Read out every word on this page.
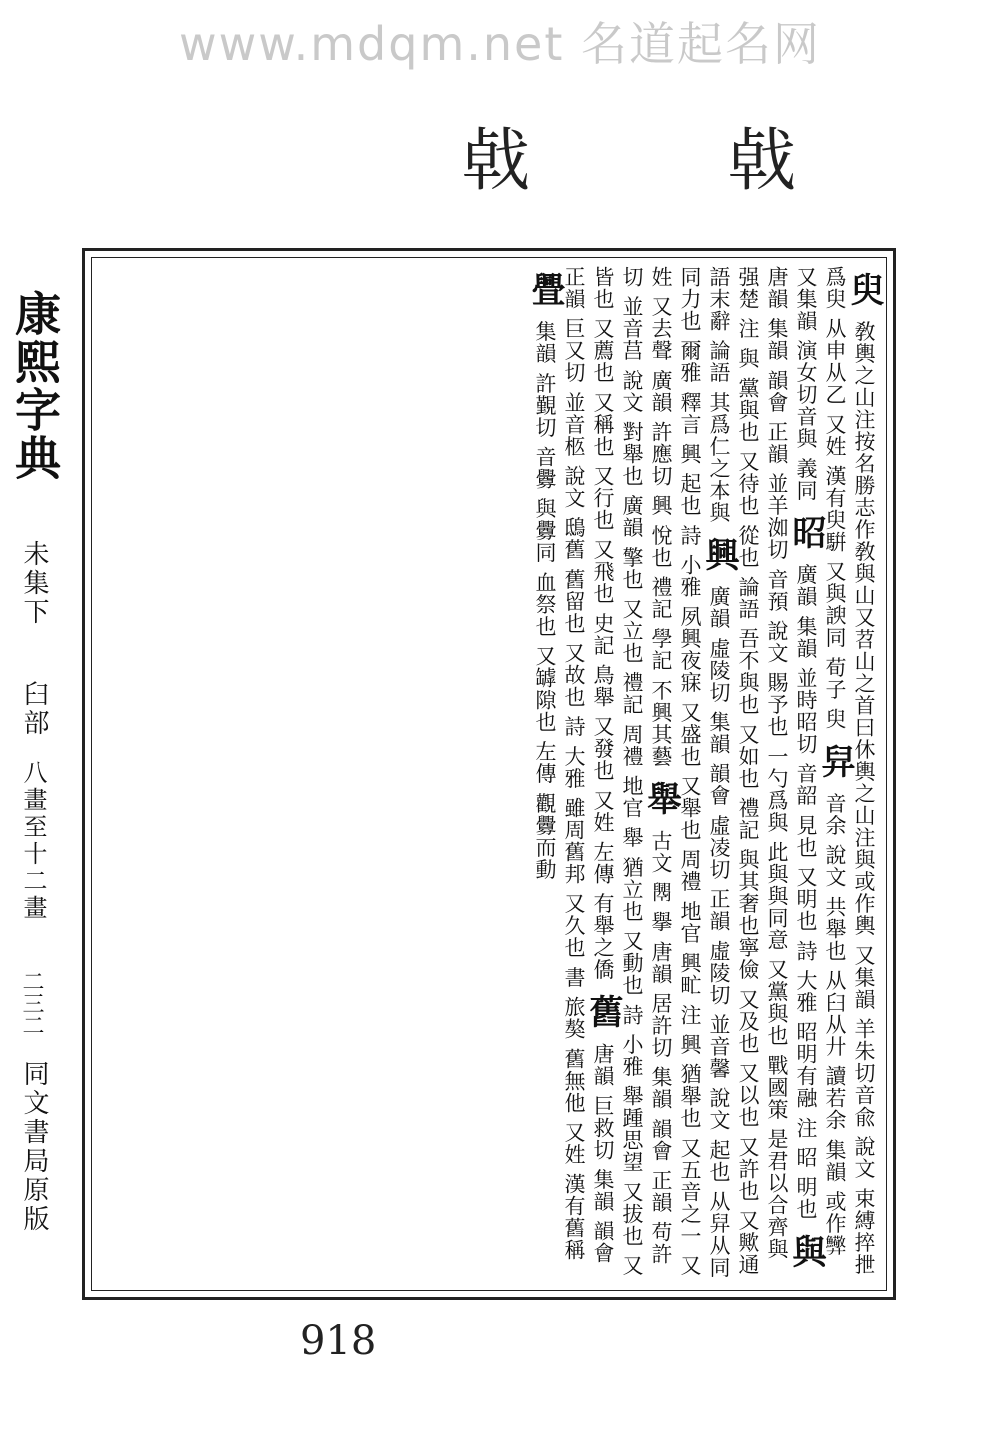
www.mdqm.net 名道起名网
㦸	㦸
康熙字典
未集下
臼部
八畫至十二畫
二三二
同文書局原版
臾 敎輿之山注按名勝志作敎與山又苕山之首曰休輿之山注與或作輿 又集韻 羊朱切音兪 說文 束縛捽抴爲臾 从申从乙 又姓 漢有臾騈 又與諛同 荀子 臾 舁 音余 說文 共舉也 从臼从廾 讀若余 集韻 或作𢍸 又集韻 演女切音與 義同 昭 廣韻 集韻 並時昭切 音韶 見也 又明也 詩 大雅 昭明有融 注 昭 明也 與 唐韻 集韻 韻會 正韻 並羊洳切 音預 說文 賜予也 一勺爲與 此與與同意 又黨與也 戰國策 是君以合齊與强楚 注 與 黨與也 又待也 從也 論語 吾不與也 又如也 禮記 與其奢也寧儉 又及也 又以也 又許也 又歟通 語末辭 論語 其爲仁之本與 興 廣韻 虛陵切 集韻 韻會 虛凌切 正韻 虛陵切 並音馨 說文 起也 从舁从同 同力也 爾雅 釋言 興 起也 詩 小雅 夙興夜寐 又盛也 又舉也 周禮 地官 興甿 注 興 猶舉也 又五音之一 又姓 又去聲 廣韻 許應切 興 悅也 禮記 學記 不興其藝 舉 古文 𦦝 擧 唐韻 居許切 集韻 韻會 正韻 苟許切 並音莒 說文 對舉也 廣韻 擎也 又立也 禮記 周禮 地官 舉 猶立也 又動也 詩 小雅 舉踵思望 又拔也 又皆也 又薦也 又稱也 又行也 又飛也 史記 鳥舉 又發也 又姓 左傳 有舉之僑 舊 唐韻 巨救切 集韻 韻會 正韻 巨又切 並音柩 說文 鴟舊 舊留也 又故也 詩 大雅 雖周舊邦 又久也 書 旅獒 舊無他 又姓 漢有舊稱 舋 集韻 許覲切 音釁 與釁同 血祭也 又罅隙也 左傳 觀釁而動
918
